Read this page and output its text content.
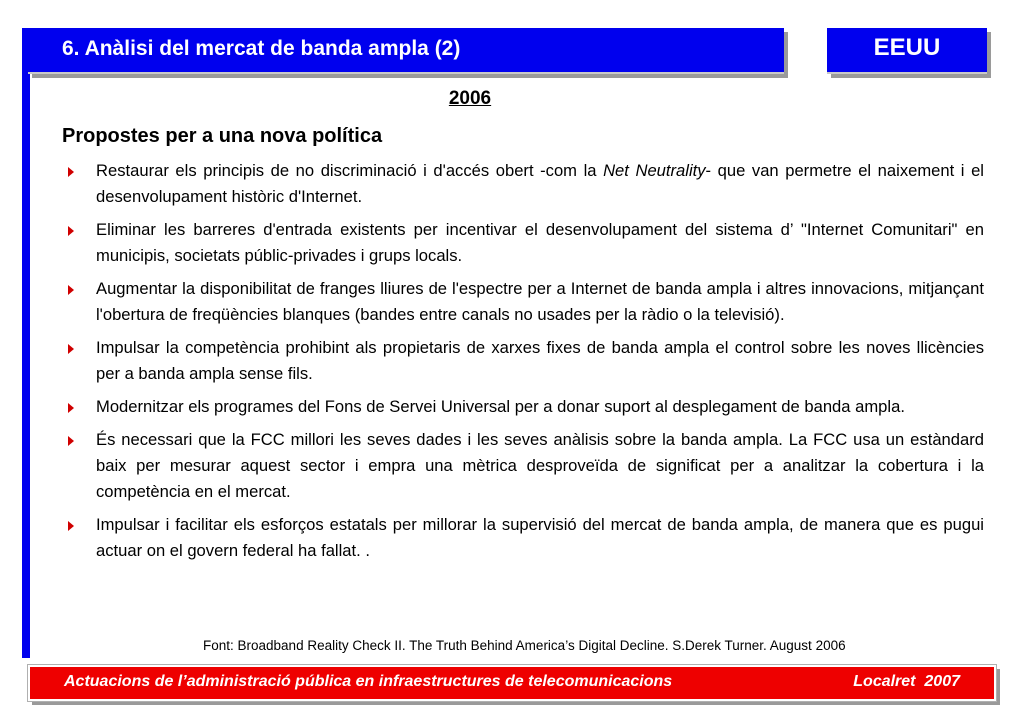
6. Anàlisi del mercat de banda ampla (2)	EEUU
2006
Propostes per a una nova política
Restaurar els principis de no discriminació i d'accés obert -com la Net Neutrality- que van permetre el naixement i el desenvolupament històric d'Internet.
Eliminar les barreres d'entrada existents per incentivar el desenvolupament del sistema d’ "Internet Comunitari" en municipis, societats públic-privades i grups locals.
Augmentar la disponibilitat de franges lliures de l'espectre per a Internet de banda ampla i altres innovacions, mitjançant l'obertura de freqüències blanques (bandes entre canals no usades per la ràdio o la televisió).
Impulsar la competència prohibint als propietaris de xarxes fixes de banda ampla el control sobre les noves llicències per a banda ampla sense fils.
Modernitzar els programes del Fons de Servei Universal per a donar suport al desplegament de banda ampla.
És necessari que la FCC millori les seves dades i les seves anàlisis sobre la banda ampla. La FCC usa un estàndard baix per mesurar aquest sector i empra una mètrica desproveïda de significat per a analitzar la cobertura i la competència en el mercat.
Impulsar i facilitar els esforços estatals per millorar la supervisió del mercat de banda ampla, de manera que es pugui actuar on el govern federal ha fallat. .
Font: Broadband Reality Check II. The Truth Behind America’s Digital Decline. S.Derek Turner. August 2006
Actuacions de l’administració pública en infraestructures de telecomunicacions	Localret  2007
